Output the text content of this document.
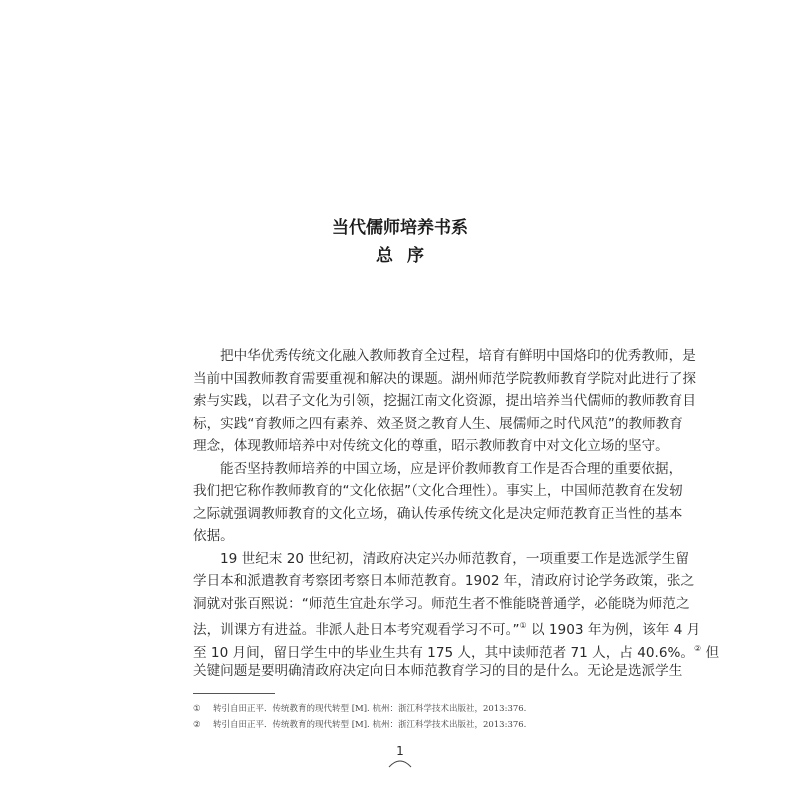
当代儒师培养书系
总序
把中华优秀传统文化融入教师教育全过程，培育有鲜明中国烙印的优秀教师，是
当前中国教师教育需要重视和解决的课题。湖州师范学院教师教育学院对此进行了探
索与实践，以君子文化为引领，挖掘江南文化资源，提出培养当代儒师的教师教育目
标，实践“育教师之四有素养、效圣贤之教育人生、展儒师之时代风范”的教师教育
理念，体现教师培养中对传统文化的尊重，昭示教师教育中对文化立场的坚守。
能否坚持教师培养的中国立场，应是评价教师教育工作是否合理的重要依据，
我们把它称作教师教育的“文化依据”（文化合理性）。事实上，中国师范教育在发轫
之际就强调教师教育的文化立场，确认传承传统文化是决定师范教育正当性的基本
依据。
19 世纪末 20 世纪初，清政府决定兴办师范教育，一项重要工作是选派学生留
学日本和派遣教育考察团考察日本师范教育。1902 年，清政府讨论学务政策，张之
洞就对张百熙说：“师范生宜赴东学习。师范生者不惟能晓普通学，必能晓为师范之
法，训课方有进益。非派人赴日本考究观看学习不可。”① 以 1903 年为例，该年 4 月
至 10 月间，留日学生中的毕业生共有 175 人，其中读师范者 71 人，占 40.6%。② 但
关键问题是要明确清政府决定向日本师范教育学习的目的是什么。无论是选派学生
① 转引自田正平．传统教育的现代转型 [M]. 杭州：浙江科学技术出版社，2013:376.
② 转引自田正平．传统教育的现代转型 [M]. 杭州：浙江科学技术出版社，2013:376.
1
